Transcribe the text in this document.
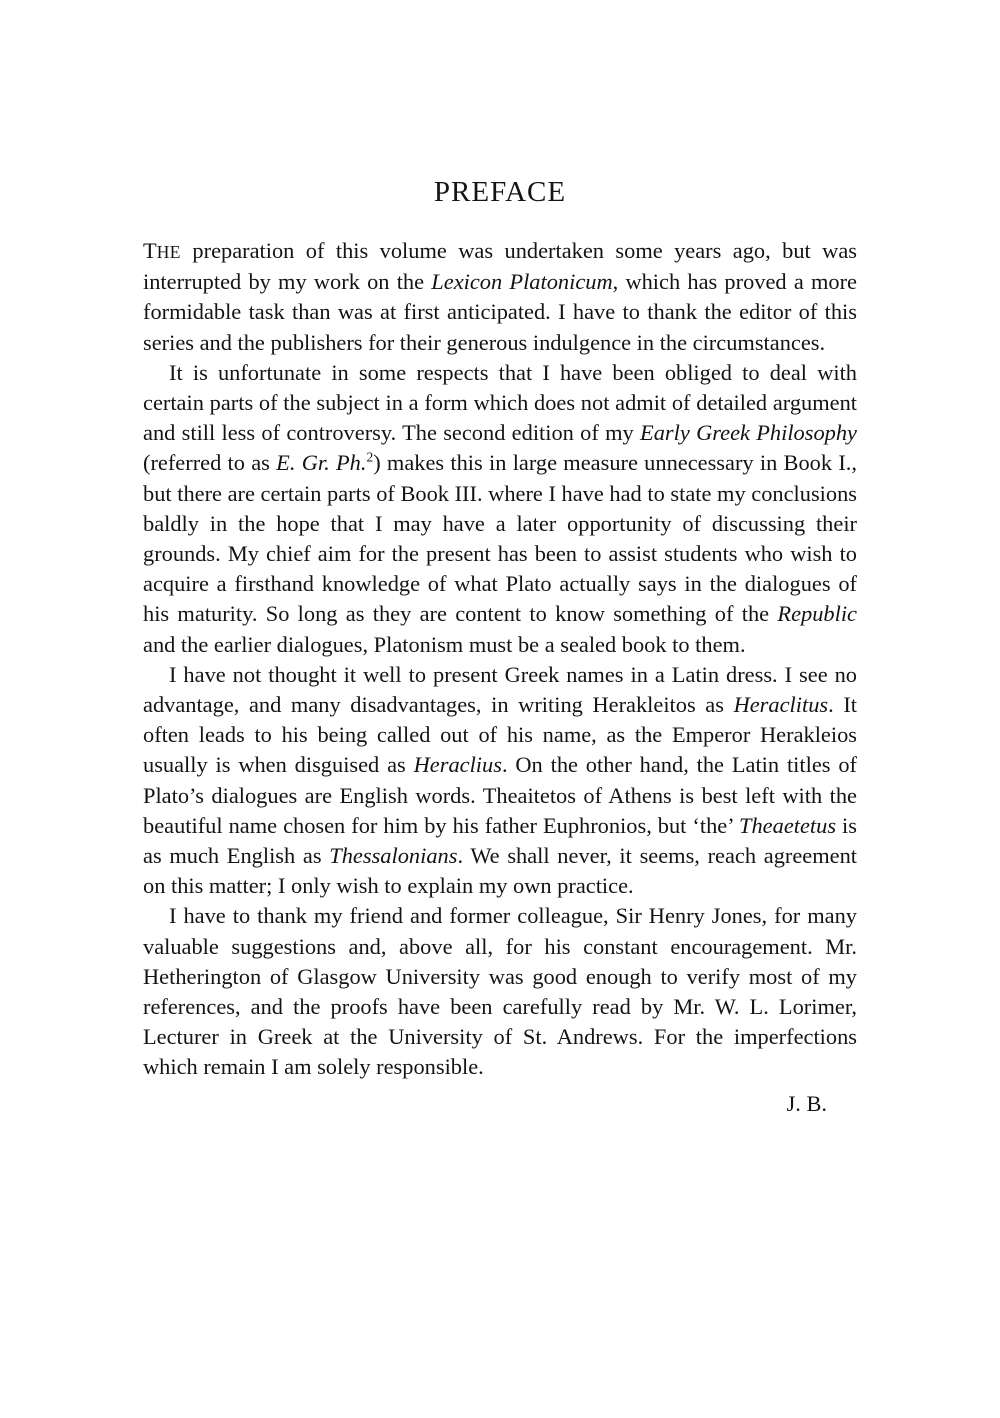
PREFACE

THE preparation of this volume was undertaken some years ago, but was interrupted by my work on the Lexicon Platonicum, which has proved a more formidable task than was at first anticipated. I have to thank the editor of this series and the publishers for their generous indulgence in the circumstances.

It is unfortunate in some respects that I have been obliged to deal with certain parts of the subject in a form which does not admit of detailed argument and still less of controversy. The second edition of my Early Greek Philosophy (referred to as E. Gr. Ph.$^2$) makes this in large measure unnecessary in Book I., but there are certain parts of Book III. where I have had to state my conclusions baldly in the hope that I may have a later opportunity of discussing their grounds. My chief aim for the present has been to assist students who wish to acquire a firsthand knowledge of what Plato actually says in the dialogues of his maturity. So long as they are content to know something of the Republic and the earlier dialogues, Platonism must be a sealed book to them.

I have not thought it well to present Greek names in a Latin dress. I see no advantage, and many disadvantages, in writing Herakleitos as Heraclitus. It often leads to his being called out of his name, as the Emperor Herakleios usually is when disguised as Heraclius. On the other hand, the Latin titles of Plato’s dialogues are English words. Theaitetos of Athens is best left with the beautiful name chosen for him by his father Euphronios, but ‘the’ Theaetetus is as much English as Thessalonians. We shall never, it seems, reach agreement on this matter; I only wish to explain my own practice.

I have to thank my friend and former colleague, Sir Henry Jones, for many valuable suggestions and, above all, for his constant encouragement. Mr. Hetherington of Glasgow University was good enough to verify most of my references, and the proofs have been carefully read by Mr. W. L. Lorimer, Lecturer in Greek at the University of St. Andrews. For the imperfections which remain I am solely responsible.

J. B.
